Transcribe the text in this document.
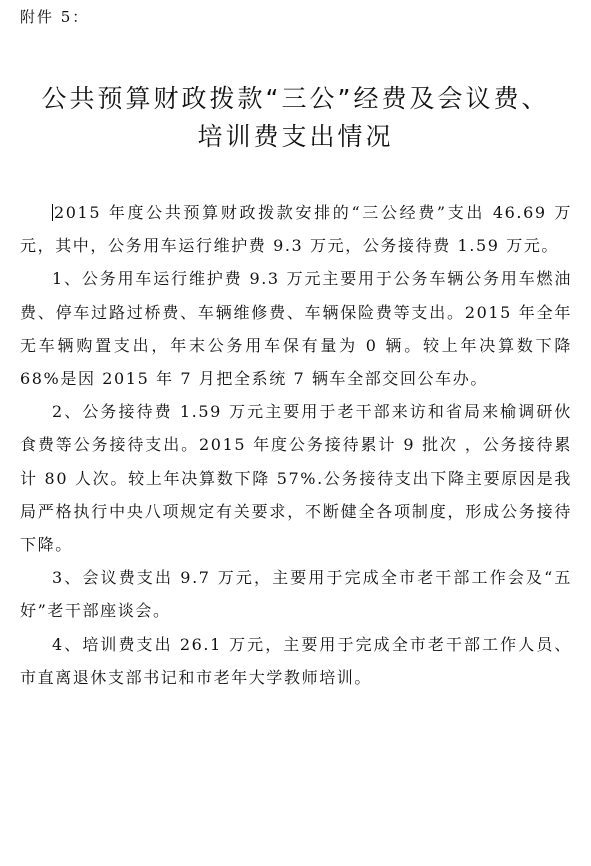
附件 5：
公共预算财政拨款“三公”经费及会议费、
培训费支出情况

2015 年度公共预算财政拨款安排的“三公经费”支出 46.69 万元，其中，公务用车运行维护费 9.3 万元，公务接待费 1.59 万元。

1、公务用车运行维护费 9.3 万元主要用于公务车辆公务用车燃油费、停车过路过桥费、车辆维修费、车辆保险费等支出。2015 年全年无车辆购置支出，年末公务用车保有量为 0 辆。较上年决算数下降 68%是因 2015 年 7 月把全系统 7 辆车全部交回公车办。

2、公务接待费 1.59 万元主要用于老干部来访和省局来榆调研伙食费等公务接待支出。2015 年度公务接待累计 9 批次 ，公务接待累计 80 人次。较上年决算数下降 57%.公务接待支出下降主要原因是我局严格执行中央八项规定有关要求，不断健全各项制度，形成公务接待下降。

3、会议费支出 9.7 万元，主要用于完成全市老干部工作会及“五好”老干部座谈会。

4、培训费支出 26.1 万元，主要用于完成全市老干部工作人员、市直离退休支部书记和市老年大学教师培训。
